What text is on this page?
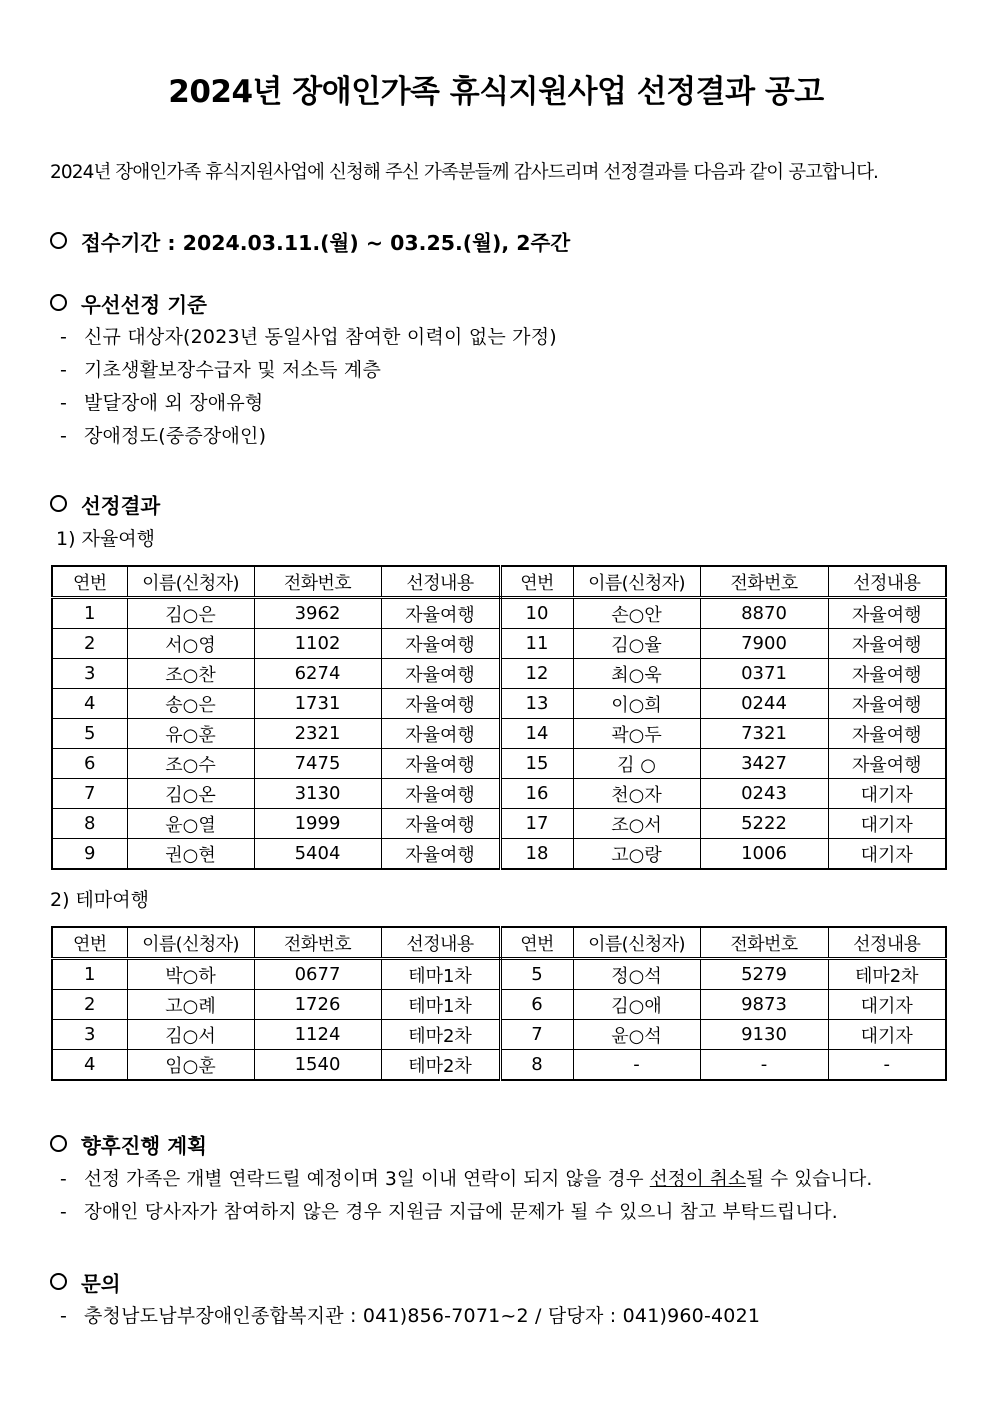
2024년 장애인가족 휴식지원사업 선정결과 공고
2024년 장애인가족 휴식지원사업에 신청해 주신 가족분들께 감사드리며 선정결과를 다음과 같이 공고합니다.
접수기간 : 2024.03.11.(월) ~ 03.25.(월), 2주간
우선선정 기준
- 신규 대상자(2023년 동일사업 참여한 이력이 없는 가정)
- 기초생활보장수급자 및 저소득 계층
- 발달장애 외 장애유형
- 장애정도(중증장애인)
선정결과
1) 자율여행
연번	이름(신청자)	전화번호	선정내용	연번	이름(신청자)	전화번호	선정내용
1	김○은	3962	자율여행	10	손○안	8870	자율여행
2	서○영	1102	자율여행	11	김○율	7900	자율여행
3	조○찬	6274	자율여행	12	최○욱	0371	자율여행
4	송○은	1731	자율여행	13	이○희	0244	자율여행
5	유○훈	2321	자율여행	14	곽○두	7321	자율여행
6	조○수	7475	자율여행	15	김 ○	3427	자율여행
7	김○온	3130	자율여행	16	천○자	0243	대기자
8	윤○열	1999	자율여행	17	조○서	5222	대기자
9	권○현	5404	자율여행	18	고○랑	1006	대기자
2) 테마여행
연번	이름(신청자)	전화번호	선정내용	연번	이름(신청자)	전화번호	선정내용
1	박○하	0677	테마1차	5	정○석	5279	테마2차
2	고○례	1726	테마1차	6	김○애	9873	대기자
3	김○서	1124	테마2차	7	윤○석	9130	대기자
4	임○훈	1540	테마2차	8	-	-	-
향후진행 계획
- 선정 가족은 개별 연락드릴 예정이며 3일 이내 연락이 되지 않을 경우 선정이 취소될 수 있습니다.
- 장애인 당사자가 참여하지 않은 경우 지원금 지급에 문제가 될 수 있으니 참고 부탁드립니다.
문의
- 충청남도남부장애인종합복지관 : 041)856-7071~2 / 담당자 : 041)960-4021
